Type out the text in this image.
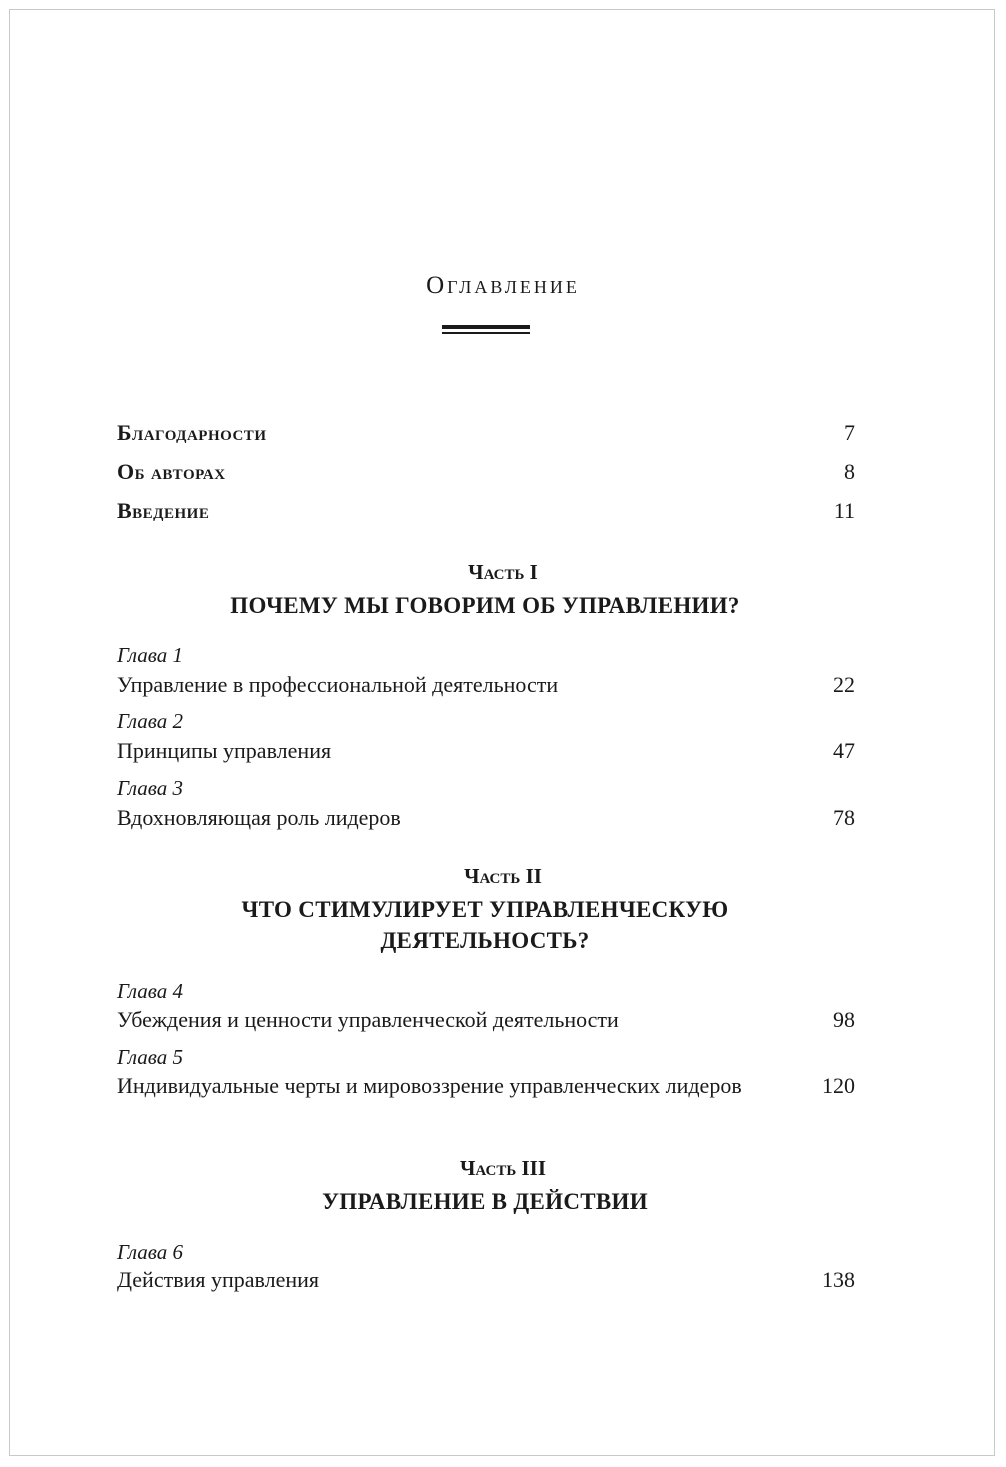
Оглавление
Благодарности	7
Об авторах	8
Введение	11
Часть I
ПОЧЕМУ МЫ ГОВОРИМ ОБ УПРАВЛЕНИИ?
Глава 1
Управление в профессиональной деятельности	22
Глава 2
Принципы управления	47
Глава 3
Вдохновляющая роль лидеров	78
Часть II
ЧТО СТИМУЛИРУЕТ УПРАВЛЕНЧЕСКУЮ ДЕЯТЕЛЬНОСТЬ?
Глава 4
Убеждения и ценности управленческой деятельности	98
Глава 5
Индивидуальные черты и мировоззрение управленческих лидеров	120
Часть III
УПРАВЛЕНИЕ В ДЕЙСТВИИ
Глава 6
Действия управления	138
